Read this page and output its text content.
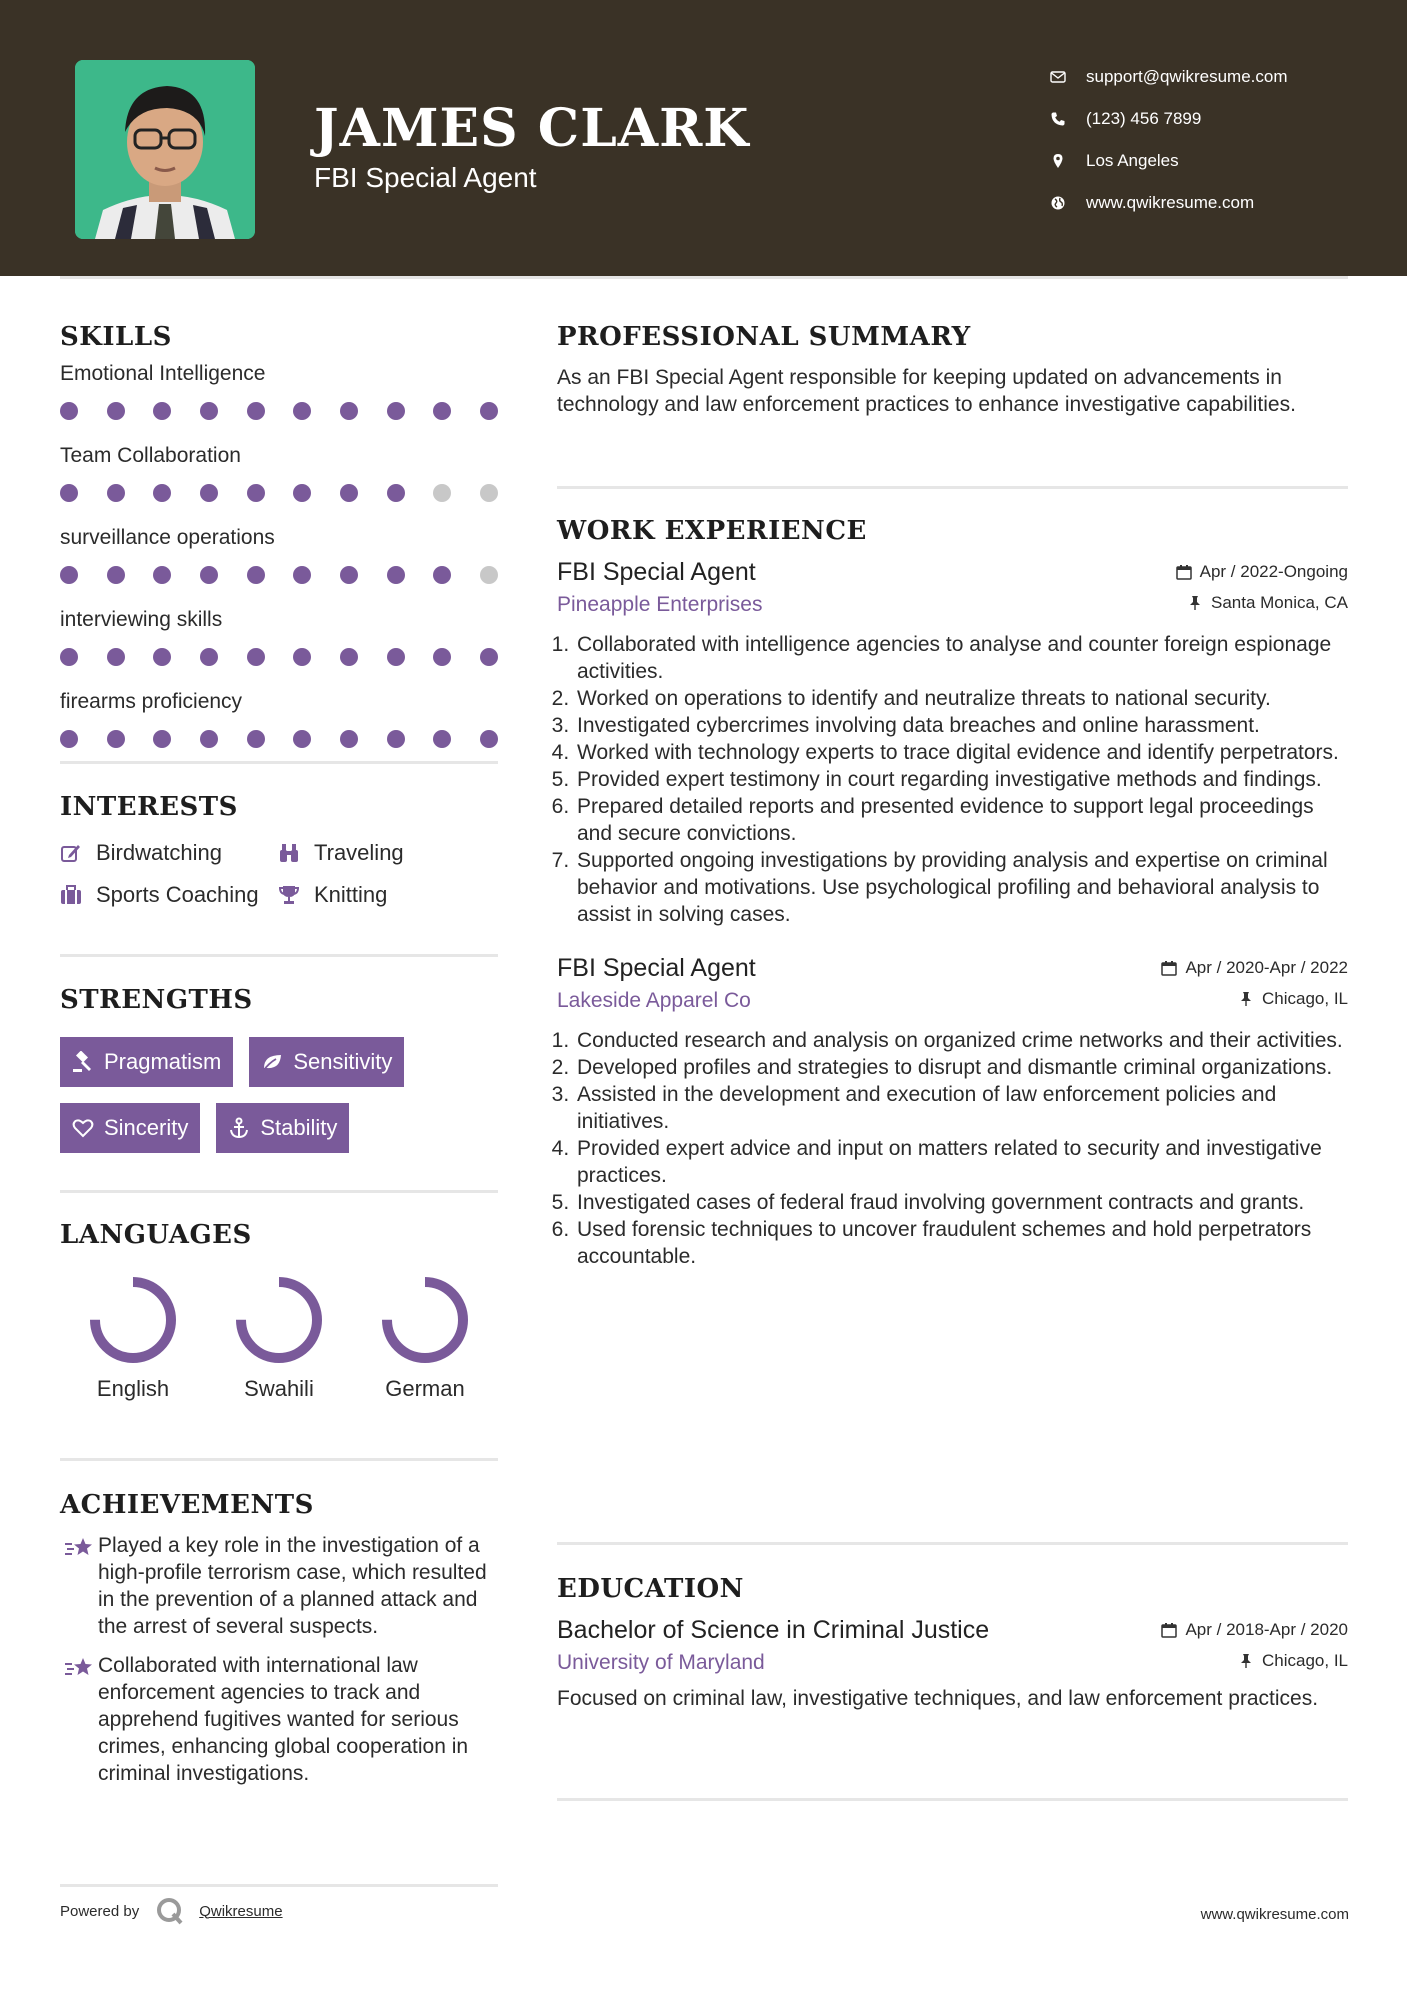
JAMES CLARK
FBI Special Agent
support@qwikresume.com
(123) 456 7899
Los Angeles
www.qwikresume.com
SKILLS
Emotional Intelligence
Team Collaboration
surveillance operations
interviewing skills
firearms proficiency
INTERESTS
Birdwatching	Traveling
Sports Coaching	Knitting
STRENGTHS
Pragmatism	Sensitivity
Sincerity	Stability
LANGUAGES
English	Swahili	German
ACHIEVEMENTS
Played a key role in the investigation of a high-profile terrorism case, which resulted in the prevention of a planned attack and the arrest of several suspects.
Collaborated with international law enforcement agencies to track and apprehend fugitives wanted for serious crimes, enhancing global cooperation in criminal investigations.
PROFESSIONAL SUMMARY
As an FBI Special Agent responsible for keeping updated on advancements in technology and law enforcement practices to enhance investigative capabilities.
WORK EXPERIENCE
FBI Special Agent	Apr / 2022-Ongoing
Pineapple Enterprises	Santa Monica, CA
1. Collaborated with intelligence agencies to analyse and counter foreign espionage activities.
2. Worked on operations to identify and neutralize threats to national security.
3. Investigated cybercrimes involving data breaches and online harassment.
4. Worked with technology experts to trace digital evidence and identify perpetrators.
5. Provided expert testimony in court regarding investigative methods and findings.
6. Prepared detailed reports and presented evidence to support legal proceedings and secure convictions.
7. Supported ongoing investigations by providing analysis and expertise on criminal behavior and motivations. Use psychological profiling and behavioral analysis to assist in solving cases.
FBI Special Agent	Apr / 2020-Apr / 2022
Lakeside Apparel Co	Chicago, IL
1. Conducted research and analysis on organized crime networks and their activities.
2. Developed profiles and strategies to disrupt and dismantle criminal organizations.
3. Assisted in the development and execution of law enforcement policies and initiatives.
4. Provided expert advice and input on matters related to security and investigative practices.
5. Investigated cases of federal fraud involving government contracts and grants.
6. Used forensic techniques to uncover fraudulent schemes and hold perpetrators accountable.
EDUCATION
Bachelor of Science in Criminal Justice	Apr / 2018-Apr / 2020
University of Maryland	Chicago, IL
Focused on criminal law, investigative techniques, and law enforcement practices.
Powered by	Qwikresume	www.qwikresume.com
